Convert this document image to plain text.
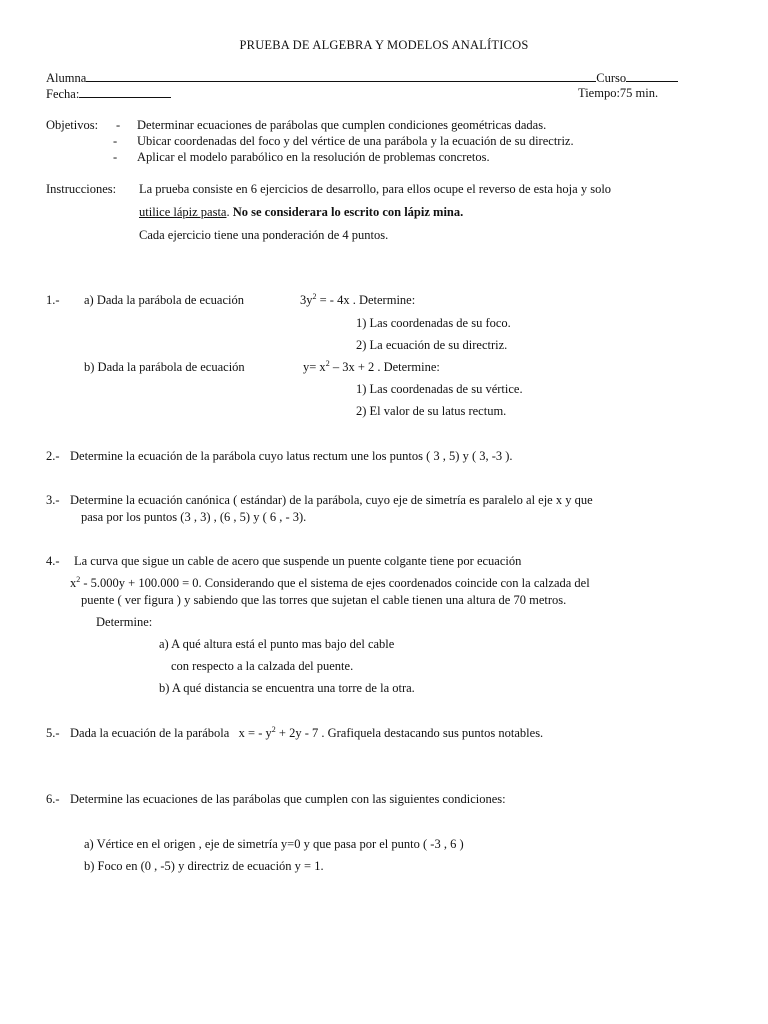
PRUEBA DE ALGEBRA Y MODELOS ANALÍTICOS
Alumna	Curso
Fecha:	Tiempo:75 min.
Objetivos: - Determinar ecuaciones de parábolas que cumplen condiciones geométricas dadas.
- Ubicar coordenadas del foco y del vértice de una parábola y la ecuación de su directriz.
- Aplicar el modelo parabólico en la resolución de problemas concretos.
Instrucciones: La prueba consiste en 6 ejercicios de desarrollo, para ellos ocupe el reverso de esta hoja y solo
utilice lápiz pasta. No se considerara lo escrito con lápiz mina.
Cada ejercicio tiene una ponderación de 4 puntos.
1.- a) Dada la parábola de ecuación	$3y^2$ = - 4x . Determine:
1) Las coordenadas de su foco.
2) La ecuación de su directriz.
b) Dada la parábola de ecuación	$y= x^2 - 3x + 2$ . Determine:
1) Las coordenadas de su vértice.
2) El valor de su latus rectum.
2.- Determine la ecuación de la parábola cuyo latus rectum une los puntos ( 3 , 5) y ( 3, -3 ).
3.- Determine la ecuación canónica ( estándar) de la parábola, cuyo eje de simetría es paralelo al eje x y que
pasa por los puntos (3 , 3) , (6 , 5) y ( 6 , - 3).
4.- La curva que sigue un cable de acero que suspende un puente colgante tiene por ecuación
$x^2 - 5.000y + 100.000 = 0$. Considerando que el sistema de ejes coordenados coincide con la calzada del
puente ( ver figura ) y sabiendo que las torres que sujetan el cable tienen una altura de 70 metros.
Determine:
a) A qué altura está el punto mas bajo del cable
con respecto a la calzada del puente.
b) A qué distancia se encuentra una torre de la otra.
5.- Dada la ecuación de la parábola x = - $y^2 + 2y - 7$ . Grafiquela destacando sus puntos notables.
6.- Determine las ecuaciones de las parábolas que cumplen con las siguientes condiciones:
a) Vértice en el origen , eje de simetría y=0 y que pasa por el punto ( -3 , 6 )
b) Foco en (0 , -5) y directriz de ecuación y = 1.
